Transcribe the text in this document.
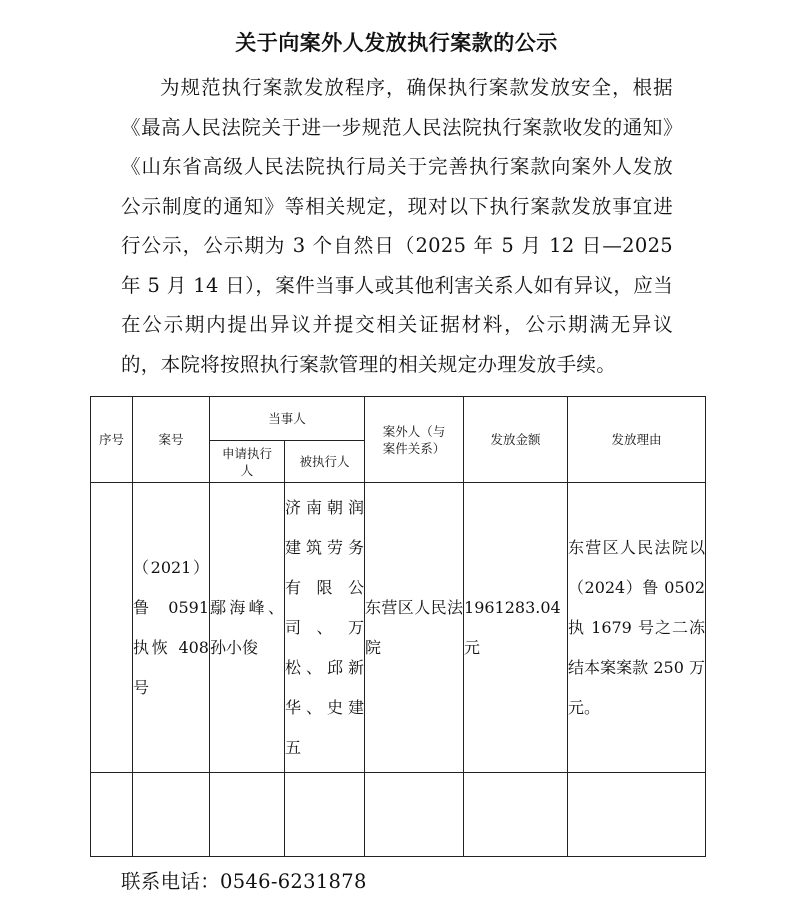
关于向案外人发放执行案款的公示
为规范执行案款发放程序，确保执行案款发放安全，根据《最高人民法院关于进一步规范人民法院执行案款收发的通知》《山东省高级人民法院执行局关于完善执行案款向案外人发放公示制度的通知》等相关规定，现对以下执行案款发放事宜进行公示，公示期为 3 个自然日（2025 年 5 月 12 日—2025 年 5 月 14 日），案件当事人或其他利害关系人如有异议，应当在公示期内提出异议并提交相关证据材料，公示期满无异议的，本院将按照执行案款管理的相关规定办理发放手续。
序号	案号	当事人		案外人（与案件关系）	发放金额	发放理由
		申请执行人	被执行人			
	（2021）鲁 0591 执恢 408 号	鄢海峰、孙小俊	济南朝润建筑劳务有限公司、万松、邱新华、史建五	东营区人民法院	1961283.04 元	东营区人民法院以（2024）鲁 0502 执 1679 号之二冻结本案案款 250 万元。

联系电话：0546-6231878
